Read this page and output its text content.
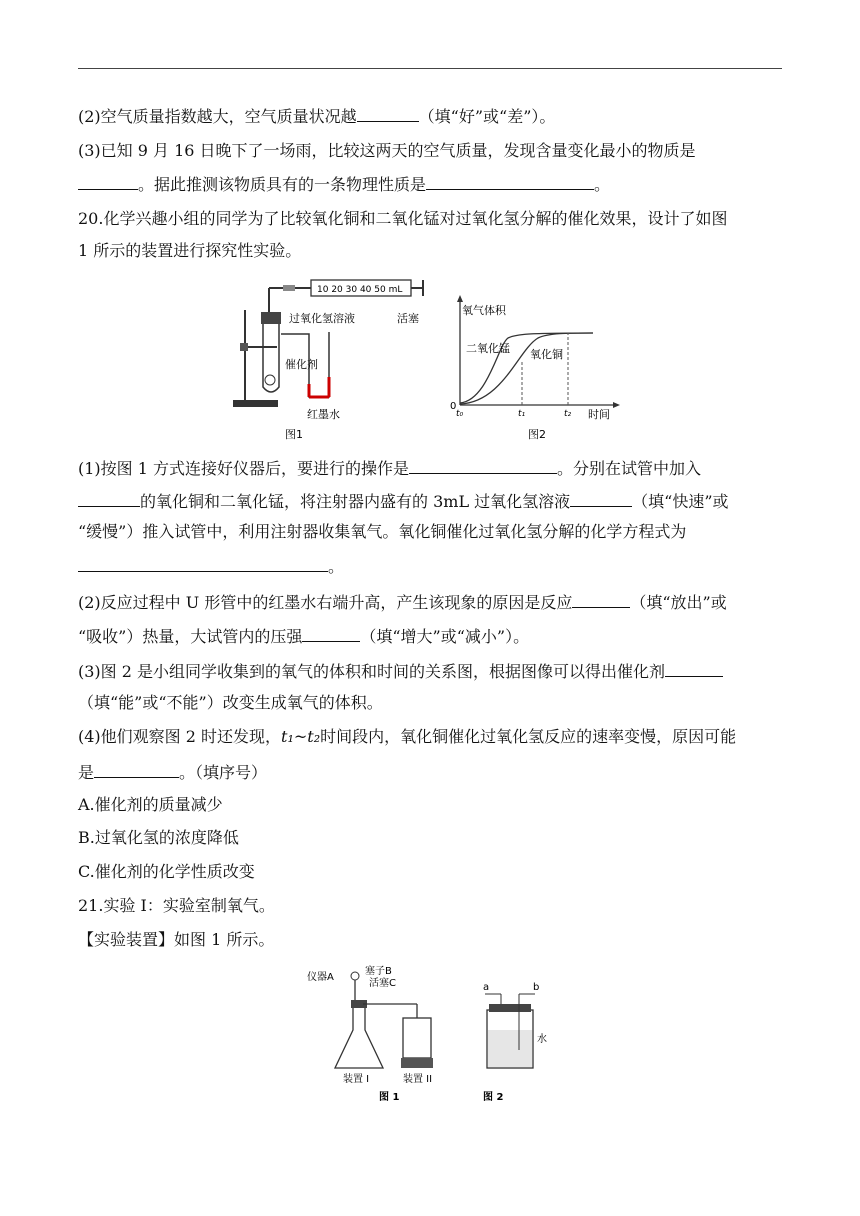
(2)空气质量指数越大，空气质量状况越	（填“好”或“差”）。
(3)已知 9 月 16 日晚下了一场雨，比较这两天的空气质量，发现含量变化最小的物质是
。据此推测该物质具有的一条物理性质是	。
20.化学兴趣小组的同学为了比较氧化铜和二氧化锰对过氧化氢分解的催化效果，设计了如图
1 所示的装置进行探究性实验。
10 20 30 40 50 mL
过氧化氢溶液	活塞
催化剂
红墨水
图1
氧气体积
二氧化锰 氧化铜
0
t₀	t₁	t₂ 时间
图2
(1)按图 1 方式连接好仪器后，要进行的操作是	。分别在试管中加入
的氧化铜和二氧化锰，将注射器内盛有的 3mL 过氧化氢溶液	（填“快速”或
“缓慢”）推入试管中，利用注射器收集氧气。氧化铜催化过氧化氢分解的化学方程式为
。
(2)反应过程中 U 形管中的红墨水右端升高，产生该现象的原因是反应	（填“放出”或
“吸收”）热量，大试管内的压强	（填“增大”或“减小”）。
(3)图 2 是小组同学收集到的氧气的体积和时间的关系图，根据图像可以得出催化剂
（填“能”或“不能”）改变生成氧气的体积。
(4)他们观察图 2 时还发现，t₁~t₂时间段内，氧化铜催化过氧化氢反应的速率变慢，原因可能
是	。（填序号）
A.催化剂的质量减少
B.过氧化氢的浓度降低
C.催化剂的化学性质改变
21.实验 I：实验室制氧气。
【实验装置】如图 1 所示。
仪器A
塞子B
活塞C
装置 I	装置 II
a	b
水
图 1	图 2
